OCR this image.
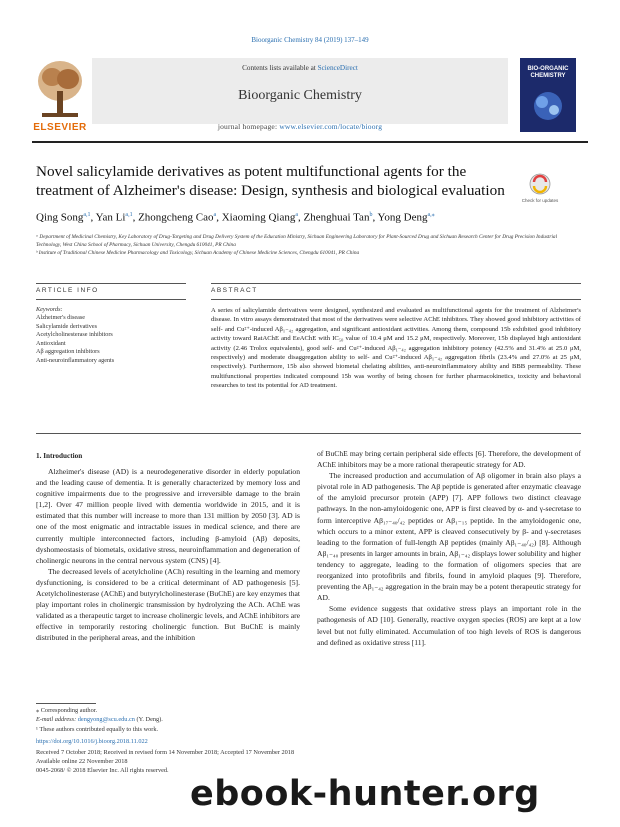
Bioorganic Chemistry 84 (2019) 137–149
ELSEVIER
Contents lists available at ScienceDirect
Bioorganic Chemistry
journal homepage: www.elsevier.com/locate/bioorg
BIO-ORGANIC CHEMISTRY
Novel salicylamide derivatives as potent multifunctional agents for the treatment of Alzheimer's disease: Design, synthesis and biological evaluation
Check for updates
Qing Song$^{a,1}$, Yan Li$^{a,1}$, Zhongcheng Cao$^a$, Xiaoming Qiang$^a$, Zhenghuai Tan$^b$, Yong Deng$^{a,⁎}$
ᵃ Department of Medicinal Chemistry, Key Laboratory of Drug-Targeting and Drug Delivery System of the Education Ministry, Sichuan Engineering Laboratory for Plant-Sourced Drug and Sichuan Research Center for Drug Precision Industrial Technology, West China School of Pharmacy, Sichuan University, Chengdu 610041, PR China
ᵇ Institute of Traditional Chinese Medicine Pharmacology and Toxicology, Sichuan Academy of Chinese Medicine Sciences, Chengdu 610041, PR China
ARTICLE INFO	ABSTRACT
Keywords:
Alzheimer's disease
Salicylamide derivatives
Acetylcholinesterase inhibitors
Antioxidant
Aβ aggregation inhibitors
Anti-neuroinflammatory agents
A series of salicylamide derivatives were designed, synthesized and evaluated as multifunctional agents for the treatment of Alzheimer's disease. In vitro assays demonstrated that most of the derivatives were selective AChE inhibitors. They showed good inhibitory activities of self- and Cu²⁺-induced Aβ₁₋₄₂ aggregation, and significant antioxidant activities. Among them, compound 15b exhibited good inhibitory activity toward RatAChE and EeAChE with IC₅₀ value of 10.4 μM and 15.2 μM, respectively. Moreover, 15b displayed high antioxidant activity (2.46 Trolox equivalents), good self- and Cu²⁺-induced Aβ₁₋₄₂ aggregation inhibitory potency (42.5% and 31.4% at 25.0 μM, respectively) and moderate disaggregation ability to self- and Cu²⁺-induced Aβ₁₋₄₂ aggregation fibrils (23.4% and 27.0% at 25 μM, respectively). Furthermore, 15b also showed biometal chelating abilities, anti-neuroinflammatory ability and BBB permeability. These multifunctional properties indicated compound 15b was worthy of being chosen for further pharmacokinetics, toxicity and behavioral researches to test its potential for AD treatment.
1. Introduction

Alzheimer's disease (AD) is a neurodegenerative disorder in elderly population and the leading cause of dementia. It is generally characterized by memory loss and cognitive impairments due to the progressive and irreversible damage to the brain [1,2]. Over 47 million people lived with dementia worldwide in 2015, and it is estimated that this number will increase to more than 131 million by 2050 [3]. AD is one of the most enigmatic and intractable issues in medical science, and there are currently multiple interconnected factors, including β-amyloid (Aβ) deposits, dyshomeostasis of biometals, oxidative stress, neuroinflammation and degeneration of cholinergic neurons in the central nervous system (CNS) [4].

The decreased levels of acetylcholine (ACh) resulting in the learning and memory dysfunctioning, is considered to be a critical determinant of AD pathogenesis [5]. Acetylcholinesterase (AChE) and butyrylcholinesterase (BuChE) are key enzymes that play important roles in cholinergic transmission by hydrolyzing the ACh. AChE was validated as a therapeutic target to increase cholinergic levels, and AChE inhibitors are effective in temporarily restoring cholinergic function. But BuChE is mainly distributed in the peripheral areas, and the inhibition

of BuChE may bring certain peripheral side effects [6]. Therefore, the development of AChE inhibitors may be a more rational therapeutic strategy for AD.

The increased production and accumulation of Aβ oligomer in brain also plays a pivotal role in AD pathogenesis. The Aβ peptide is generated after enzymatic cleavage of the amyloid precursor protein (APP) [7]. APP follows two distinct cleavage pathways. In the non-amyloidogenic one, APP is first cleaved by α- and γ-secretase to form interceptive Aβ₁₇₋₄₀/₄₂ peptides or Aβ₁₋₁₅ peptide. In the amyloidogenic one, which occurs to a minor extent, APP is cleaved consecutively by β- and γ-secretases leading to the formation of full-length Aβ peptides (mainly Aβ₁₋₄₀/₄₂) [8]. Although Aβ₁₋₄₀ presents in larger amounts in brain, Aβ₁₋₄₂ displays lower solubility and higher tendency to aggregate, leading to the formation of oligomers species that are reorganized into protofibrils and fibrils, found in amyloid plaques [9]. Therefore, preventing the Aβ₁₋₄₂ aggregation in the brain may be a potent therapeutic strategy for AD.

Some evidence suggests that oxidative stress plays an important role in the pathogenesis of AD [10]. Generally, reactive oxygen species (ROS) are kept at a low level but not fully eliminated. Accumulation of too high levels of ROS is dangerous and defined as oxidative stress [11].

⁎ Corresponding author.
E-mail address: dengyong@scu.edu.cn (Y. Deng).
¹ These authors contributed equally to this work.
https://doi.org/10.1016/j.bioorg.2018.11.022
Received 7 October 2018; Received in revised form 14 November 2018; Accepted 17 November 2018
Available online 22 November 2018
0045-2068/ © 2018 Elsevier Inc. All rights reserved.
ebook-hunter.org
